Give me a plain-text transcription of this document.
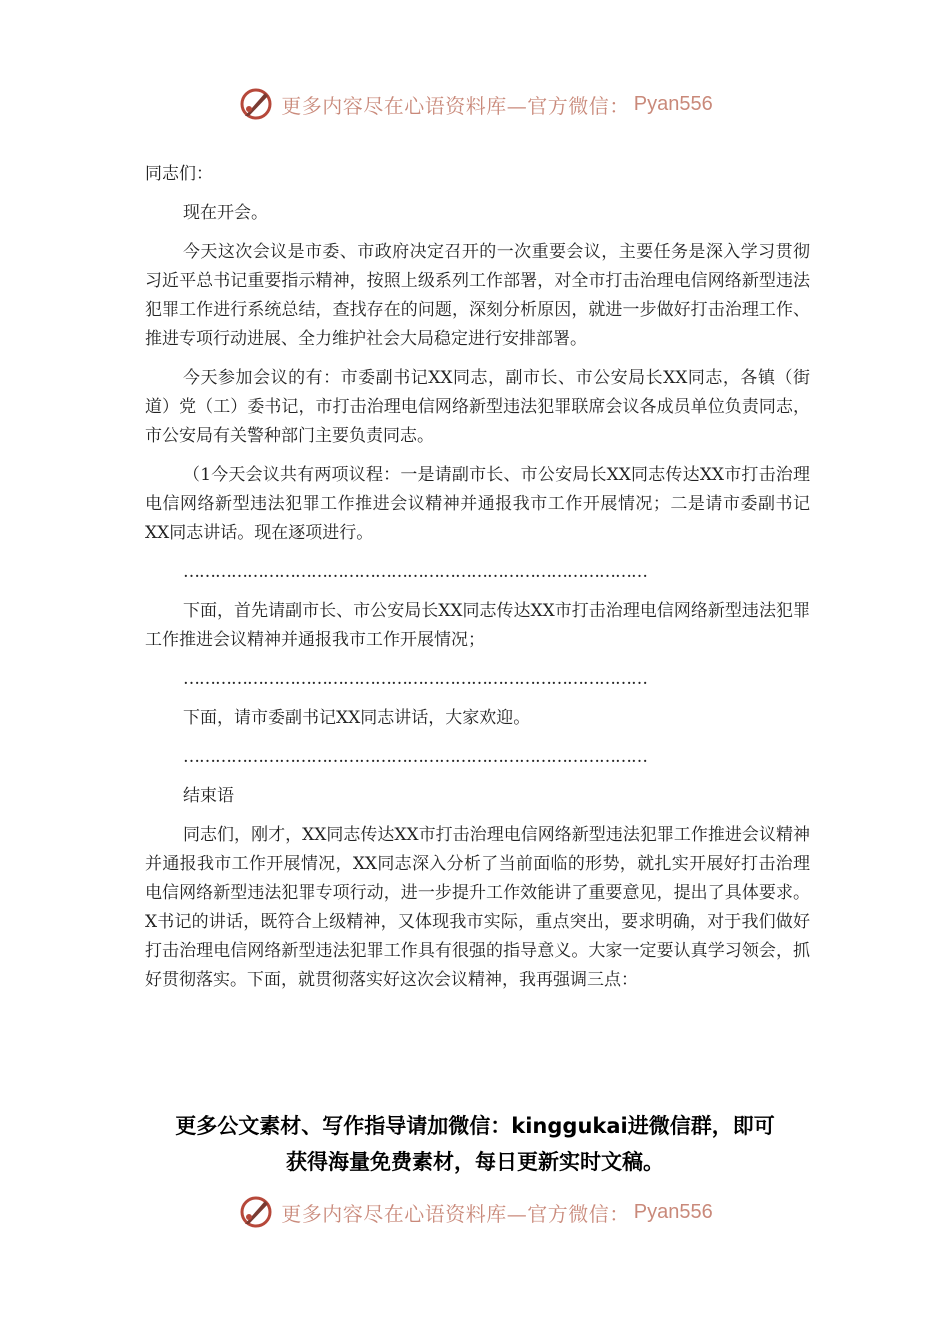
更多内容尽在心语资料库—官方微信： Pyan556

同志们：

现在开会。

今天这次会议是市委、市政府决定召开的一次重要会议，主要任务是深入学习贯彻习近平总书记重要指示精神，按照上级系列工作部署，对全市打击治理电信网络新型违法犯罪工作进行系统总结，查找存在的问题，深刻分析原因，就进一步做好打击治理工作、推进专项行动进展、全力维护社会大局稳定进行安排部署。

今天参加会议的有：市委副书记XX同志，副市长、市公安局长XX同志，各镇（街道）党（工）委书记，市打击治理电信网络新型违法犯罪联席会议各成员单位负责同志，市公安局有关警种部门主要负责同志。

（1今天会议共有两项议程：一是请副市长、市公安局长XX同志传达XX市打击治理电信网络新型违法犯罪工作推进会议精神并通报我市工作开展情况；二是请市委副书记XX同志讲话。现在逐项进行。

……………………………………………………………………………

下面，首先请副市长、市公安局长XX同志传达XX市打击治理电信网络新型违法犯罪工作推进会议精神并通报我市工作开展情况；

……………………………………………………………………………

下面，请市委副书记XX同志讲话，大家欢迎。

……………………………………………………………………………

结束语

同志们，刚才，XX同志传达XX市打击治理电信网络新型违法犯罪工作推进会议精神并通报我市工作开展情况，XX同志深入分析了当前面临的形势，就扎实开展好打击治理电信网络新型违法犯罪专项行动，进一步提升工作效能讲了重要意见，提出了具体要求。X书记的讲话，既符合上级精神，又体现我市实际，重点突出，要求明确，对于我们做好打击治理电信网络新型违法犯罪工作具有很强的指导意义。大家一定要认真学习领会，抓好贯彻落实。下面，就贯彻落实好这次会议精神，我再强调三点：

更多公文素材、写作指导请加微信：kinggukai进微信群，即可
获得海量免费素材，每日更新实时文稿。
更多内容尽在心语资料库—官方微信： Pyan556
